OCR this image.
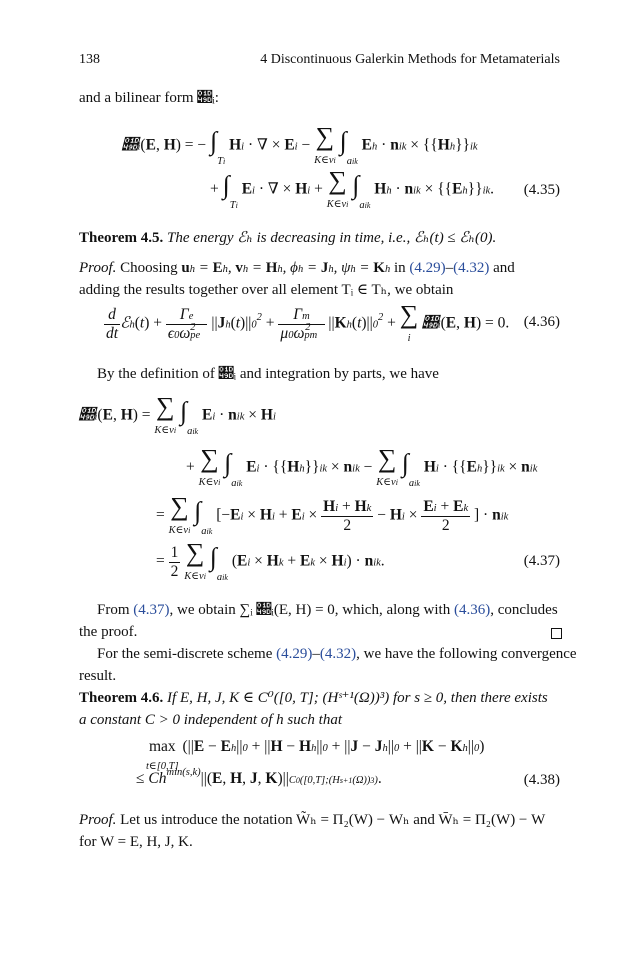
138	4 Discontinuous Galerkin Methods for Metamaterials
and a bilinear form 𝒝ᵢ:
𝒝i(E, H) = − $\int_{Ti}$ Hi · ∇ × Ei − ∑
K∈vi $\int_{aik}$ Eh · nik × {{Hh}}ik
+ $\int_{Ti}$ Ei · ∇ × Hi + ∑
K∈vi $\int_{aik}$ Hh · nik × {{Eh}}ik. (4.35)
Theorem 4.5. The energy ℰₕ is decreasing in time, i.e., ℰₕ(t) ≤ ℰₕ(0).
Proof. Choosing uh = Eh, vh = Hh, ϕh = Jh, ψh = Kh in (4.29)–(4.32) and
adding the results together over all element Tᵢ ∈ Tₕ, we obtain
$\frac{d}{dt}$ ℰh(t) + $\frac{\Gamma e}{\epsilon 0\omega pe^2} ||Jh(t)||0^2 + \frac{\Gamma m}{\mu 0\omega pm^2} ||Kh(t)||0^2$ + ∑
i 𝒝i(E, H) = 0. (4.36)
By the definition of 𝒝ᵢ and integration by parts, we have
𝒝i(E, H) = ∑
K∈vi $\int_{aik}$ Ei · nik × Hi
+ ∑
K∈vi $\int_{aik}$ Ei · {{Hh}}ik × nik − ∑
K∈vi $\int_{aik}$ Hi · {{Eh}}ik × nik
= ∑
K∈vi $\int_{aik}$ [$-Ei \times Hi + Ei \times \frac{Hi + Hk}{2} - Hi \times \frac{Ei + Ek}{2}$ ] · nik
= $\frac{1}{2}$
∑
K∈vi $\int_{aik}$ (Ei × Hk + Ek × Hi) · nik.	(4.37)
From (4.37), we obtain ∑ᵢ 𝒝ᵢ(E, H) = 0, which, along with (4.36), concludes
the proof.
For the semi-discrete scheme (4.29)–(4.32), we have the following convergence
result.
Theorem 4.6. If E, H, J, K ∈ C⁰([0, T]; (Hˢ⁺¹(Ω))³) for s ≥ 0, then there exists
a constant C > 0 independent of h such that
max
t∈[0,T] (||E − Eh||0 + ||H − Hh||0 + ||J − Jh||0 + ||K − Kh||0)
≤ $Ch^{min(s,k)}||(E$, H, J, K)||C0([0,T];(Hs+1(Ω))3).	(4.38)
Proof. Let us introduce the notation W̃ₕ = Π₂(W) − Wₕ and W̄ₕ = Π₂(W) − W
for W = E, H, J, K.
